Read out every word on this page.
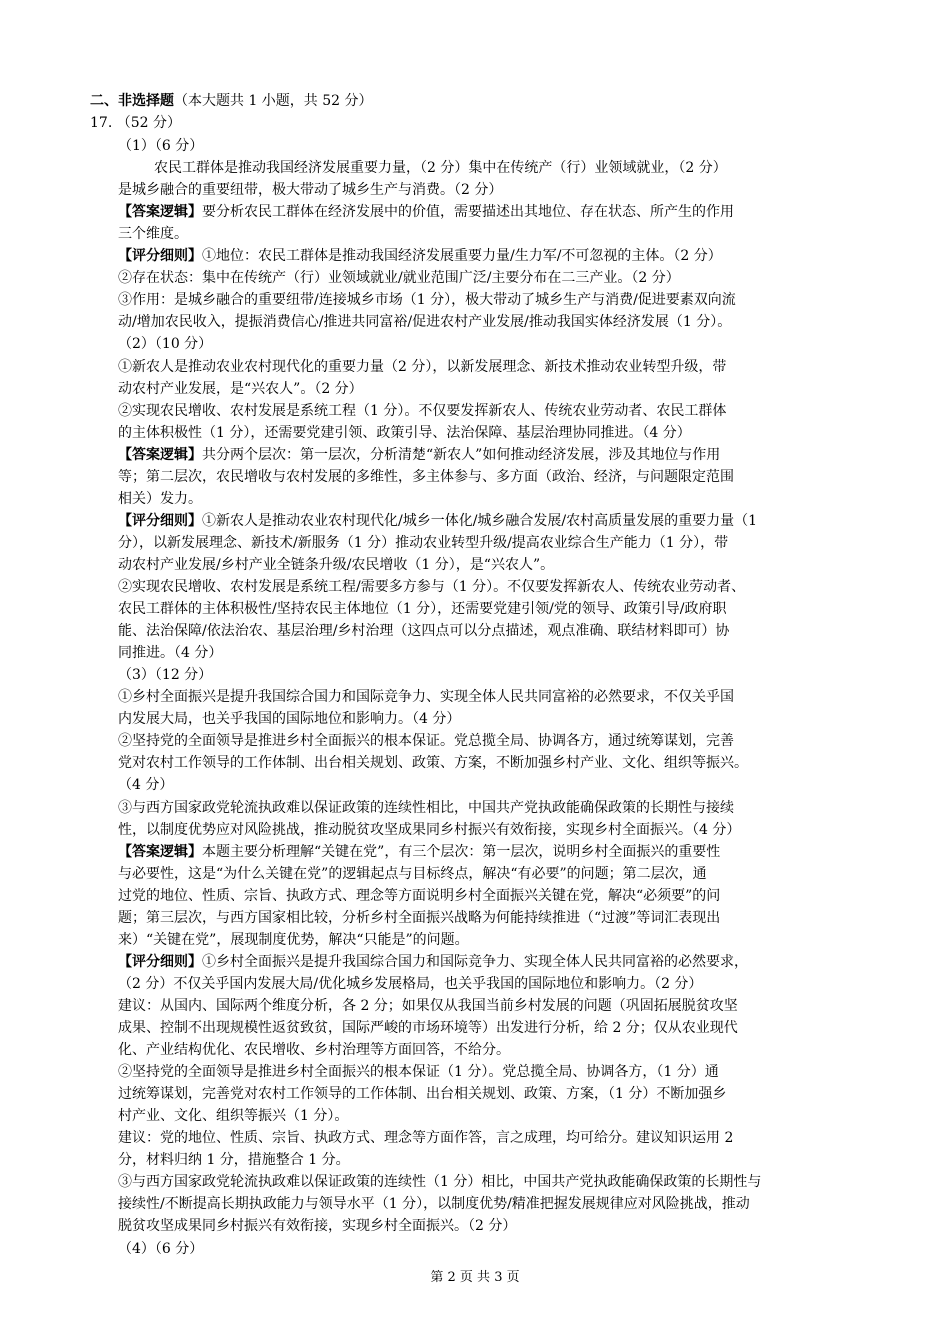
二、非选择题（本大题共 1 小题，共 52 分）
17. （52 分）
（1）（6 分）
农民工群体是推动我国经济发展重要力量，（2 分）集中在传统产（行）业领域就业，（2 分）
是城乡融合的重要纽带，极大带动了城乡生产与消费。（2 分）
【答案逻辑】要分析农民工群体在经济发展中的价值，需要描述出其地位、存在状态、所产生的作用
三个维度。
【评分细则】①地位：农民工群体是推动我国经济发展重要力量/生力军/不可忽视的主体。（2 分）
②存在状态：集中在传统产（行）业领域就业/就业范围广泛/主要分布在二三产业。（2 分）
③作用：是城乡融合的重要纽带/连接城乡市场（1 分），极大带动了城乡生产与消费/促进要素双向流
动/增加农民收入，提振消费信心/推进共同富裕/促进农村产业发展/推动我国实体经济发展（1 分）。
（2）（10 分）
①新农人是推动农业农村现代化的重要力量（2 分），以新发展理念、新技术推动农业转型升级，带
动农村产业发展，是“兴农人”。（2 分）
②实现农民增收、农村发展是系统工程（1 分）。不仅要发挥新农人、传统农业劳动者、农民工群体
的主体积极性（1 分），还需要党建引领、政策引导、法治保障、基层治理协同推进。（4 分）
【答案逻辑】共分两个层次：第一层次，分析清楚“新农人”如何推动经济发展，涉及其地位与作用
等；第二层次，农民增收与农村发展的多维性，多主体参与、多方面（政治、经济，与问题限定范围
相关）发力。
【评分细则】①新农人是推动农业农村现代化/城乡一体化/城乡融合发展/农村高质量发展的重要力量（1
分），以新发展理念、新技术/新服务（1 分）推动农业转型升级/提高农业综合生产能力（1 分），带
动农村产业发展/乡村产业全链条升级/农民增收（1 分），是“兴农人”。
②实现农民增收、农村发展是系统工程/需要多方参与（1 分）。不仅要发挥新农人、传统农业劳动者、
农民工群体的主体积极性/坚持农民主体地位（1 分），还需要党建引领/党的领导、政策引导/政府职
能、法治保障/依法治农、基层治理/乡村治理（这四点可以分点描述，观点准确、联结材料即可）协
同推进。（4 分）
（3）（12 分）
①乡村全面振兴是提升我国综合国力和国际竞争力、实现全体人民共同富裕的必然要求，不仅关乎国
内发展大局，也关乎我国的国际地位和影响力。（4 分）
②坚持党的全面领导是推进乡村全面振兴的根本保证。党总揽全局、协调各方，通过统筹谋划，完善
党对农村工作领导的工作体制、出台相关规划、政策、方案，不断加强乡村产业、文化、组织等振兴。
（4 分）
③与西方国家政党轮流执政难以保证政策的连续性相比，中国共产党执政能确保政策的长期性与接续
性，以制度优势应对风险挑战，推动脱贫攻坚成果同乡村振兴有效衔接，实现乡村全面振兴。（4 分）
【答案逻辑】本题主要分析理解“关键在党”，有三个层次：第一层次，说明乡村全面振兴的重要性
与必要性，这是“为什么关键在党”的逻辑起点与目标终点，解决“有必要”的问题；第二层次，通
过党的地位、性质、宗旨、执政方式、理念等方面说明乡村全面振兴关键在党，解决“必须要”的问
题；第三层次，与西方国家相比较，分析乡村全面振兴战略为何能持续推进（“过渡”等词汇表现出
来）“关键在党”，展现制度优势，解决“只能是”的问题。
【评分细则】①乡村全面振兴是提升我国综合国力和国际竞争力、实现全体人民共同富裕的必然要求，
（2 分）不仅关乎国内发展大局/优化城乡发展格局，也关乎我国的国际地位和影响力。（2 分）
建议：从国内、国际两个维度分析，各 2 分；如果仅从我国当前乡村发展的问题（巩固拓展脱贫攻坚
成果、控制不出现规模性返贫致贫，国际严峻的市场环境等）出发进行分析，给 2 分；仅从农业现代
化、产业结构优化、农民增收、乡村治理等方面回答，不给分。
②坚持党的全面领导是推进乡村全面振兴的根本保证（1 分）。党总揽全局、协调各方，（1 分）通
过统筹谋划，完善党对农村工作领导的工作体制、出台相关规划、政策、方案，（1 分）不断加强乡
村产业、文化、组织等振兴（1 分）。
建议：党的地位、性质、宗旨、执政方式、理念等方面作答，言之成理，均可给分。建议知识运用 2
分，材料归纳 1 分，措施整合 1 分。
③与西方国家政党轮流执政难以保证政策的连续性（1 分）相比，中国共产党执政能确保政策的长期性与
接续性/不断提高长期执政能力与领导水平（1 分），以制度优势/精准把握发展规律应对风险挑战，推动
脱贫攻坚成果同乡村振兴有效衔接，实现乡村全面振兴。（2 分）
（4）（6 分）
第 2 页 共 3 页
